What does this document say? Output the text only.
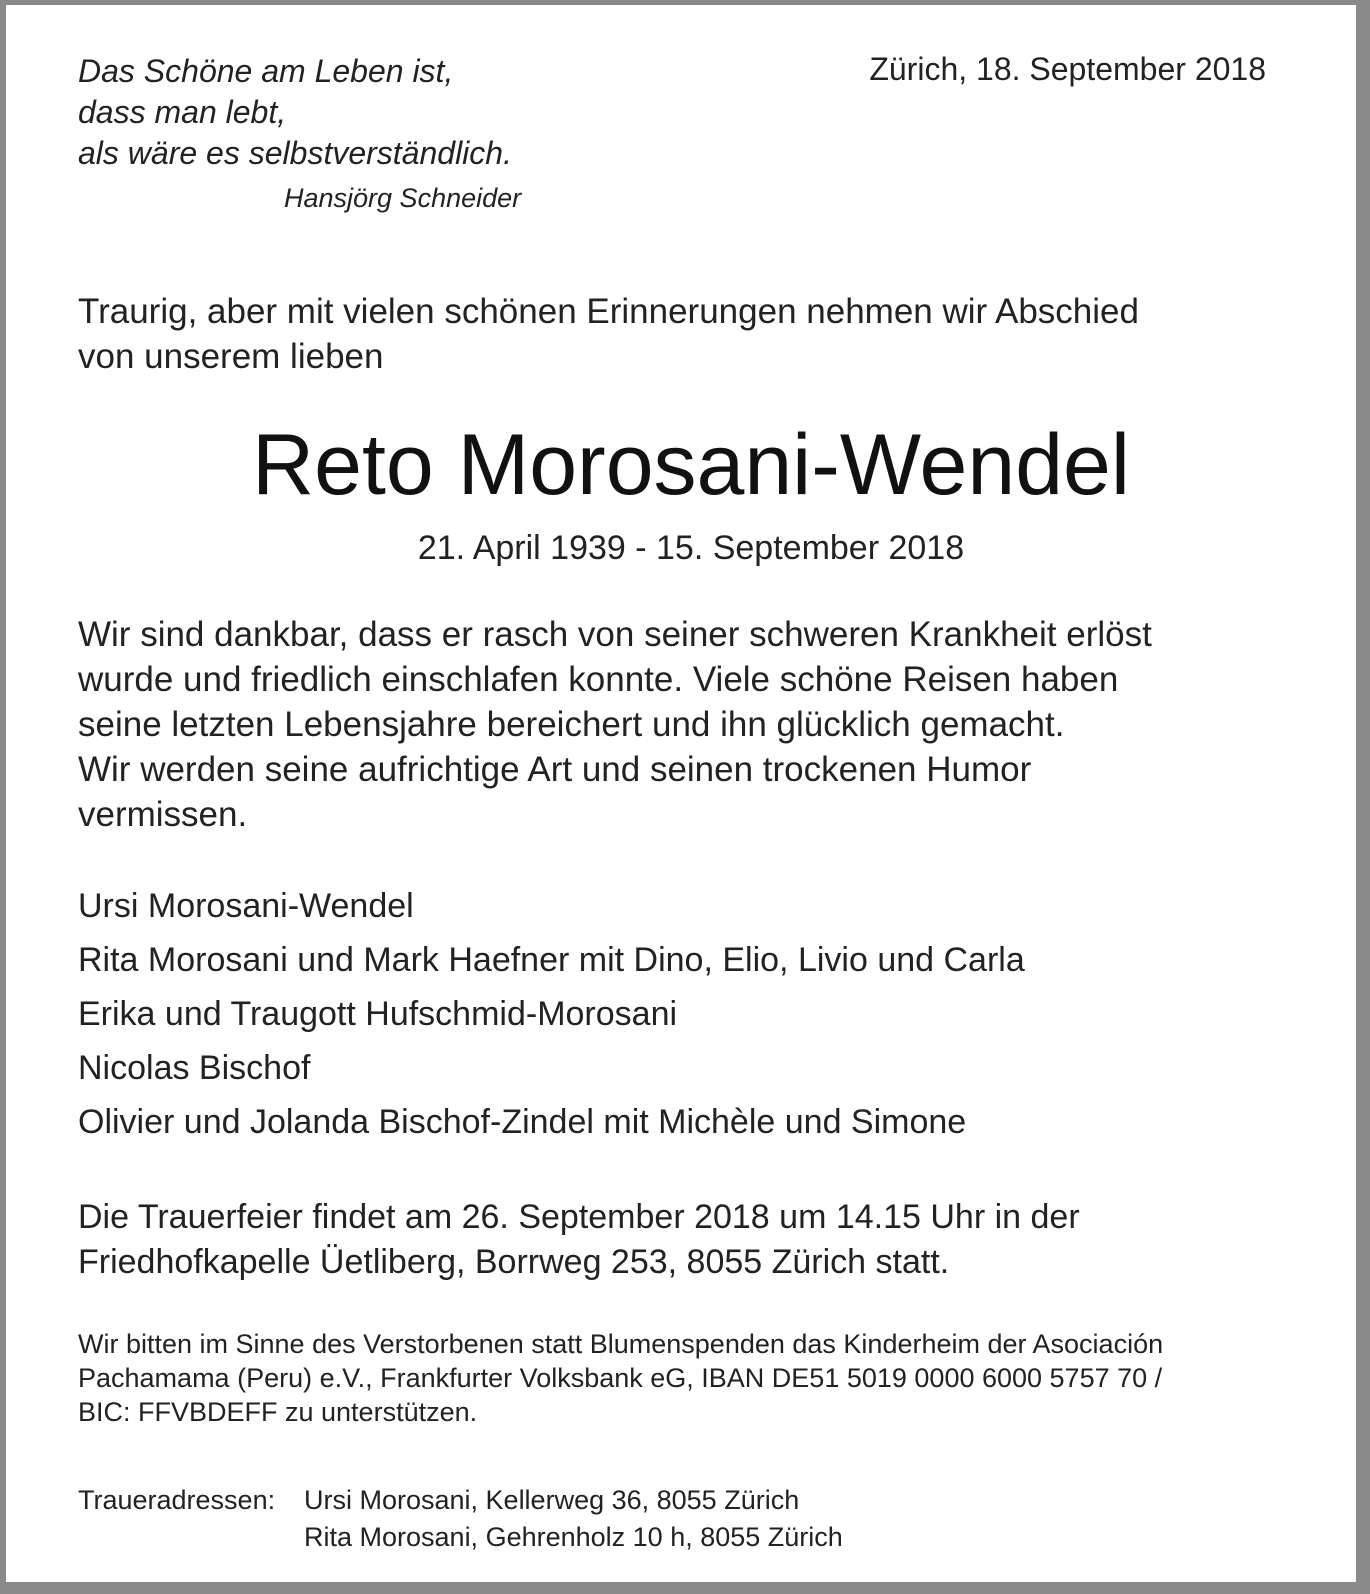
Das Schöne am Leben ist,
dass man lebt,
als wäre es selbstverständlich.
Hansjörg Schneider
Zürich, 18. September 2018
Traurig, aber mit vielen schönen Erinnerungen nehmen wir Abschied
von unserem lieben
Reto Morosani-Wendel
21. April 1939 - 15. September 2018
Wir sind dankbar, dass er rasch von seiner schweren Krankheit erlöst
wurde und friedlich einschlafen konnte. Viele schöne Reisen haben
seine letzten Lebensjahre bereichert und ihn glücklich gemacht.
Wir werden seine aufrichtige Art und seinen trockenen Humor
vermissen.
Ursi Morosani-Wendel
Rita Morosani und Mark Haefner mit Dino, Elio, Livio und Carla
Erika und Traugott Hufschmid-Morosani
Nicolas Bischof
Olivier und Jolanda Bischof-Zindel mit Michèle und Simone
Die Trauerfeier findet am 26. September 2018 um 14.15 Uhr in der
Friedhofkapelle Üetliberg, Borrweg 253, 8055 Zürich statt.
Wir bitten im Sinne des Verstorbenen statt Blumenspenden das Kinderheim der Asociación
Pachamama (Peru) e.V., Frankfurter Volksbank eG, IBAN DE51 5019 0000 6000 5757 70 /
BIC: FFVBDEFF zu unterstützen.
Traueradressen: Ursi Morosani, Kellerweg 36, 8055 Zürich
Rita Morosani, Gehrenholz 10 h, 8055 Zürich
